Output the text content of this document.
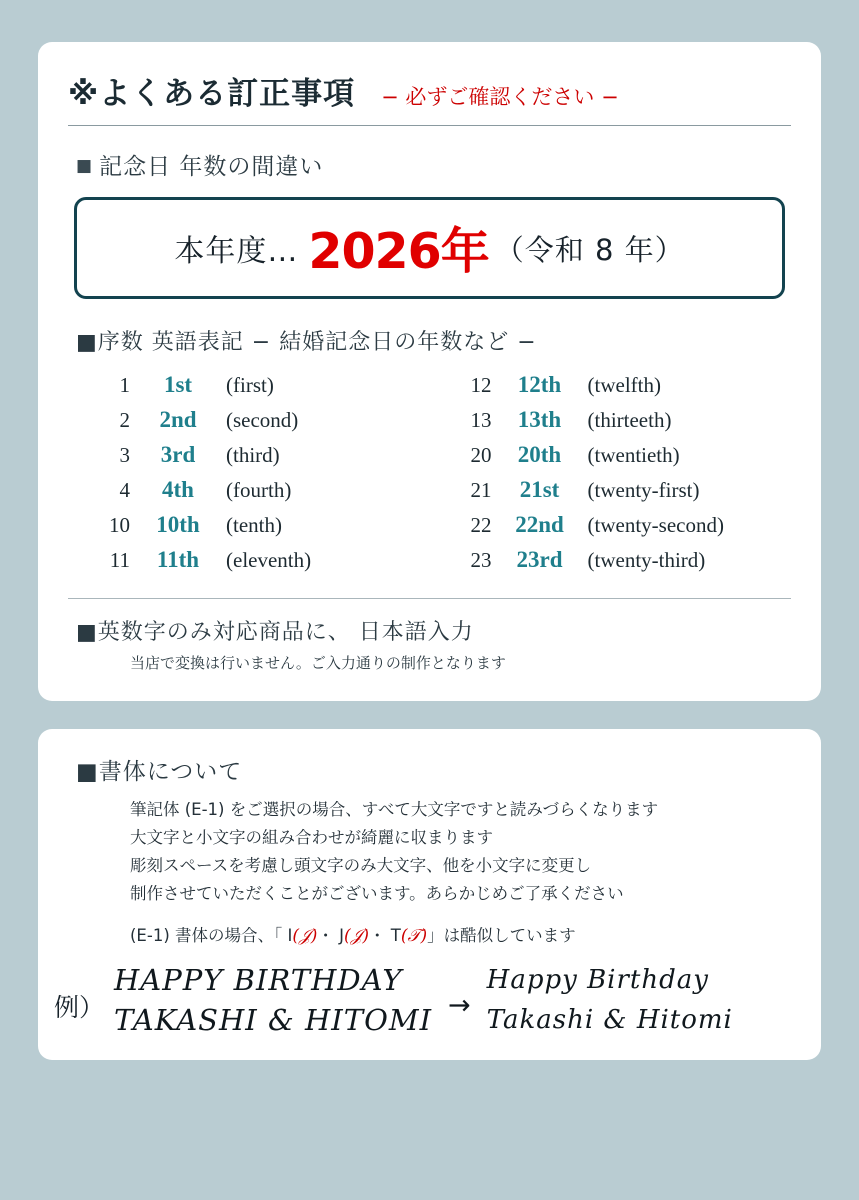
※よくある訂正事項 − 必ずご確認ください −
■ 記念日 年数の間違い
本年度… 2026年 （令和 8 年）
■序数 英語表記 − 結婚記念日の年数など −
1	1st	(first)
2	2nd	(second)
3	3rd	(third)
4	4th	(fourth)
10	10th	(tenth)
11	11th	(eleventh)
12	12th	(twelfth)
13	13th	(thirteeth)
20	20th	(twentieth)
21	21st	(twenty-first)
22	22nd	(twenty-second)
23	23rd	(twenty-third)
■英数字のみ対応商品に、 日本語入力
当店で変換は行いません。ご入力通りの制作となります
■書体について
筆記体 (E-1) をご選択の場合、すべて大文字ですと読みづらくなります
大文字と小文字の組み合わせが綺麗に収まります
彫刻スペースを考慮し頭文字のみ大文字、他を小文字に変更し
制作させていただくことがございます。あらかじめご了承ください
(E-1) 書体の場合、「 I(𝒥)・ J(𝒥)・ T(𝒯)」は酷似しています
例）
HAPPY BIRTHDAY
TAKASHI & HITOMI →
Happy Birthday
Takashi & Hitomi
